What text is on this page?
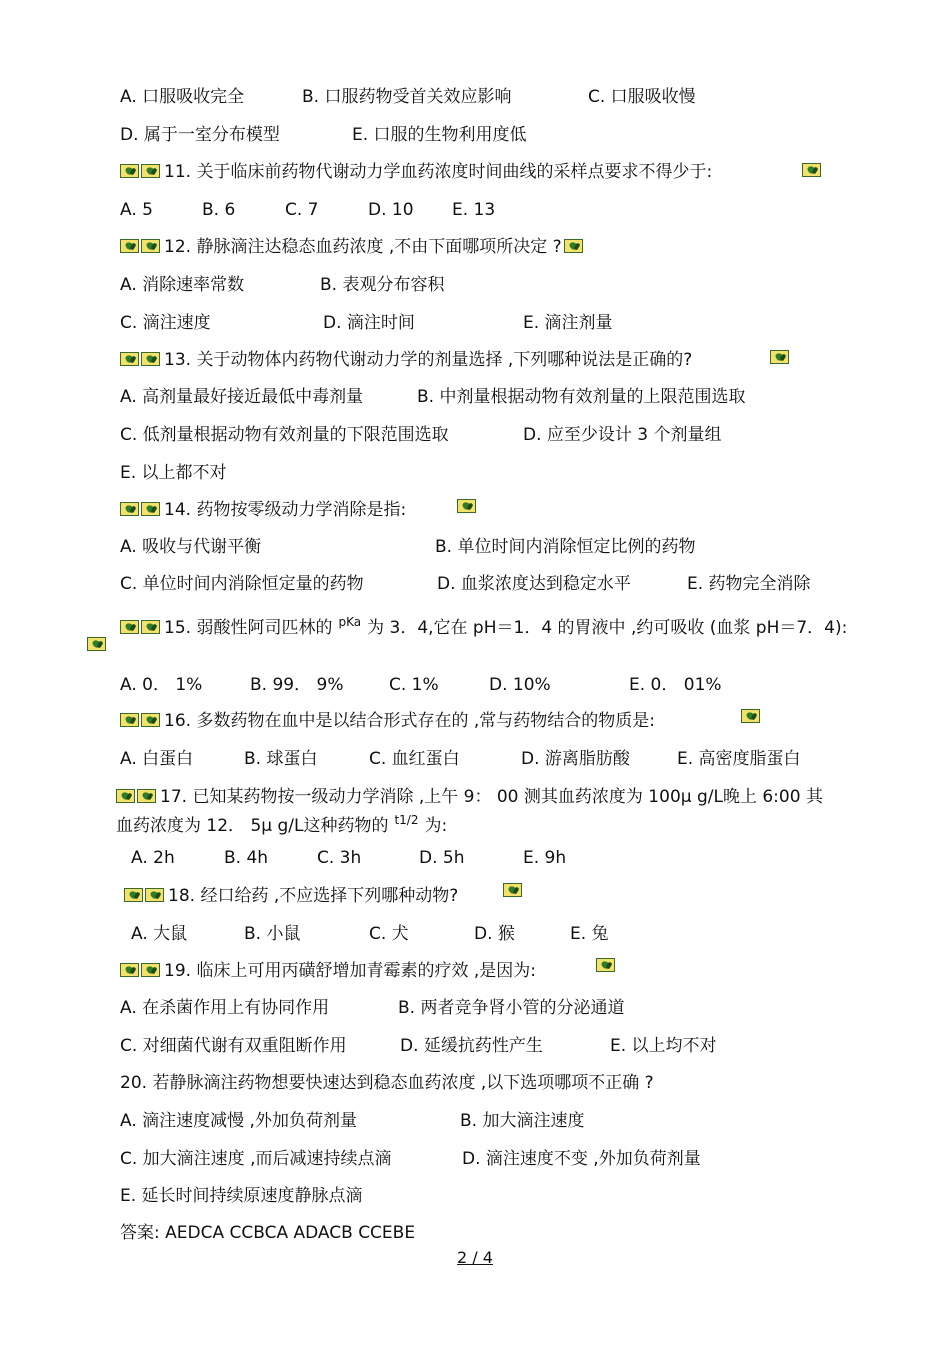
A. 口服吸收完全	B. 口服药物受首关效应影响	C. 口服吸收慢
D. 属于一室分布模型	E. 口服的生物利用度低
11. 关于临床前药物代谢动力学血药浓度时间曲线的采样点要求不得少于:
A. 5	B. 6	C. 7	D. 10 E. 13
12. 静脉滴注达稳态血药浓度 ,不由下面哪项所决定 ?
A. 消除速率常数	B. 表观分布容积
C. 滴注速度	D. 滴注时间	E. 滴注剂量
13. 关于动物体内药物代谢动力学的剂量选择 ,下列哪种说法是正确的?
A. 高剂量最好接近最低中毒剂量	B. 中剂量根据动物有效剂量的上限范围选取
C. 低剂量根据动物有效剂量的下限范围选取	D. 应至少设计 3 个剂量组
E. 以上都不对
14. 药物按零级动力学消除是指:
A. 吸收与代谢平衡	B. 单位时间内消除恒定比例的药物
C. 单位时间内消除恒定量的药物	D. 血浆浓度达到稳定水平	E. 药物完全消除
15. 弱酸性阿司匹林的 $^{pKa}$ 为 3．4,它在 pH＝1．4 的胃液中 ,约可吸收 (血浆 pH＝7．4):
A. 0． 1%	B. 99． 9%	C. 1%	D. 10%	E. 0． 01%
16. 多数药物在血中是以结合形式存在的 ,常与药物结合的物质是:
A. 白蛋白	B. 球蛋白	C. 血红蛋白	D. 游离脂肪酸	E. 高密度脂蛋白
17. 已知某药物按一级动力学消除 ,上午 9： 00 测其血药浓度为 100μ g/L晚上 6:00 其
血药浓度为 12． 5μ g/L这种药物的 $^{t1/2}$ 为:
A. 2h	B. 4h	C. 3h	D. 5h	E. 9h
18. 经口给药 ,不应选择下列哪种动物?
A. 大鼠	B. 小鼠	C. 犬	D. 猴	E. 兔
19. 临床上可用丙磺舒增加青霉素的疗效 ,是因为:
A. 在杀菌作用上有协同作用	B. 两者竞争肾小管的分泌通道
C. 对细菌代谢有双重阻断作用	D. 延缓抗药性产生	E. 以上均不对
20. 若静脉滴注药物想要快速达到稳态血药浓度 ,以下选项哪项不正确 ?
A. 滴注速度减慢 ,外加负荷剂量	B. 加大滴注速度
C. 加大滴注速度 ,而后减速持续点滴	D. 滴注速度不变 ,外加负荷剂量
E. 延长时间持续原速度静脉点滴
答案: AEDCA CCBCA ADACB CCEBE
2 / 4
